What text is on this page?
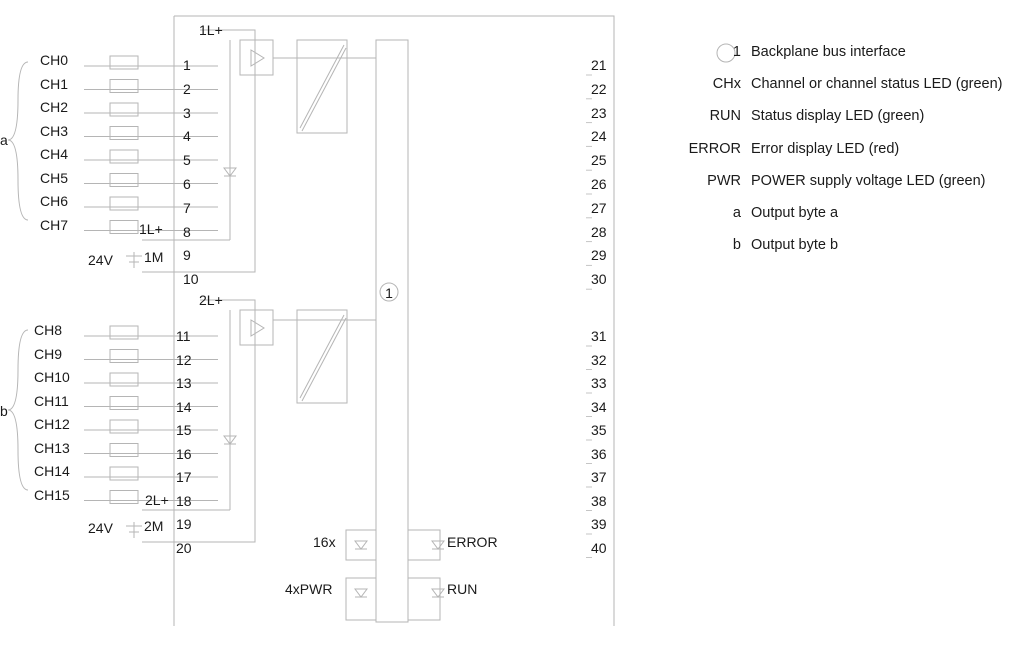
CH0
CH1
CH2
CH3
CH4
CH5
CH6
CH7
CH8
CH9
CH10
CH11
CH12
CH13
CH14
CH15
a
b
1
2
3
4
5
6
7
8
9
10
11
12
13
14
15
16
17
18
19
20
21
22
23
24
25
26
27
28
29
30
31
32
33
34
35
36
37
38
39
40
1L+
1L+
1M
24V
2L+
2L+
2M
24V
1
16x
4xPWR
ERROR
RUN
1 Backplane bus interface
CHx Channel or channel status LED (green)
RUN Status display LED (green)
ERROR Error display LED (red)
PWR POWER supply voltage LED (green)
a Output byte a
b Output byte b
